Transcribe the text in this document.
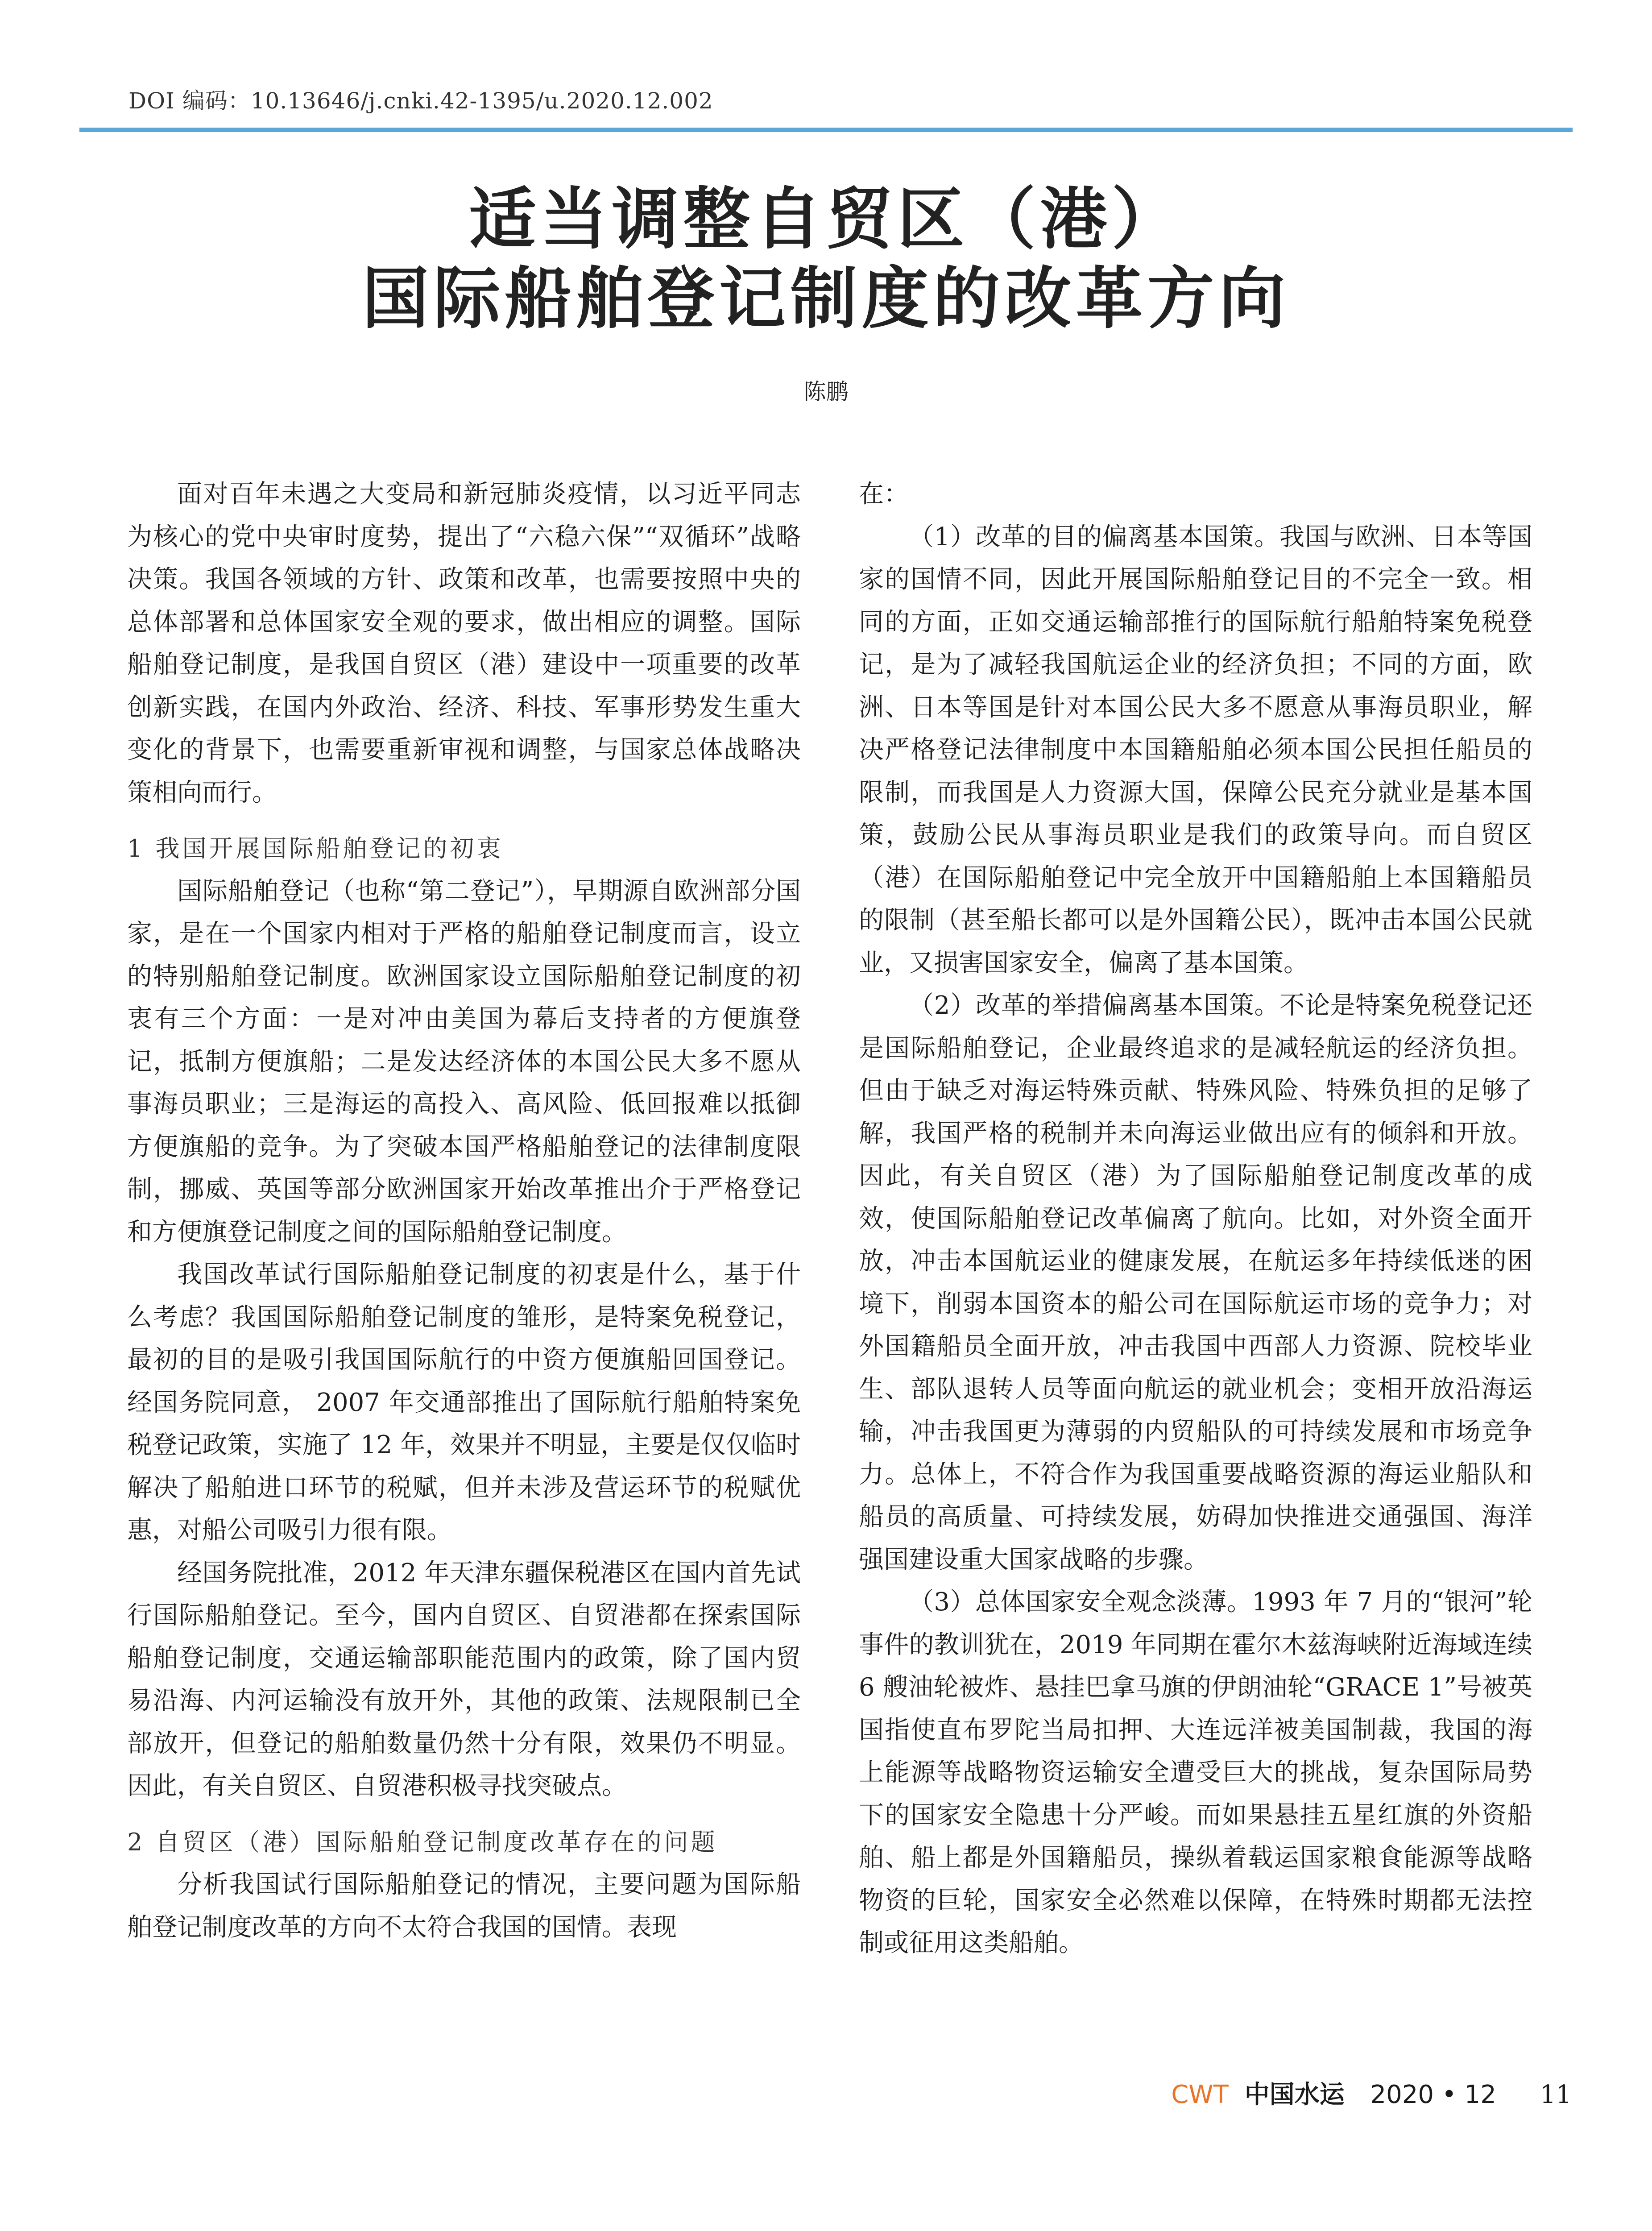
DOI 编码：10.13646/j.cnki.42-1395/u.2020.12.002
适当调整自贸区（港）
国际船舶登记制度的改革方向
陈鹏

面对百年未遇之大变局和新冠肺炎疫情，以习近平同志为核心的党中央审时度势，提出了“六稳六保”“双循环”战略决策。我国各领域的方针、政策和改革，也需要按照中央的总体部署和总体国家安全观的要求，做出相应的调整。国际船舶登记制度，是我国自贸区（港）建设中一项重要的改革创新实践，在国内外政治、经济、科技、军事形势发生重大变化的背景下，也需要重新审视和调整，与国家总体战略决策相向而行。

1 我国开展国际船舶登记的初衷

国际船舶登记（也称“第二登记”），早期源自欧洲部分国家，是在一个国家内相对于严格的船舶登记制度而言，设立的特别船舶登记制度。欧洲国家设立国际船舶登记制度的初衷有三个方面：一是对冲由美国为幕后支持者的方便旗登记，抵制方便旗船；二是发达经济体的本国公民大多不愿从事海员职业；三是海运的高投入、高风险、低回报难以抵御方便旗船的竞争。为了突破本国严格船舶登记的法律制度限制，挪威、英国等部分欧洲国家开始改革推出介于严格登记和方便旗登记制度之间的国际船舶登记制度。

我国改革试行国际船舶登记制度的初衷是什么，基于什么考虑？我国国际船舶登记制度的雏形，是特案免税登记，最初的目的是吸引我国国际航行的中资方便旗船回国登记。经国务院同意， 2007 年交通部推出了国际航行船舶特案免税登记政策，实施了 12 年，效果并不明显，主要是仅仅临时解决了船舶进口环节的税赋，但并未涉及营运环节的税赋优惠，对船公司吸引力很有限。

经国务院批准，2012 年天津东疆保税港区在国内首先试行国际船舶登记。至今，国内自贸区、自贸港都在探索国际船舶登记制度，交通运输部职能范围内的政策，除了国内贸易沿海、内河运输没有放开外，其他的政策、法规限制已全部放开，但登记的船舶数量仍然十分有限，效果仍不明显。因此，有关自贸区、自贸港积极寻找突破点。

2 自贸区（港）国际船舶登记制度改革存在的问题

分析我国试行国际船舶登记的情况，主要问题为国际船舶登记制度改革的方向不太符合我国的国情。表现

在：

（1）改革的目的偏离基本国策。我国与欧洲、日本等国家的国情不同，因此开展国际船舶登记目的不完全一致。相同的方面，正如交通运输部推行的国际航行船舶特案免税登记，是为了减轻我国航运企业的经济负担；不同的方面，欧洲、日本等国是针对本国公民大多不愿意从事海员职业，解决严格登记法律制度中本国籍船舶必须本国公民担任船员的限制，而我国是人力资源大国，保障公民充分就业是基本国策，鼓励公民从事海员职业是我们的政策导向。而自贸区（港）在国际船舶登记中完全放开中国籍船舶上本国籍船员的限制（甚至船长都可以是外国籍公民），既冲击本国公民就业，又损害国家安全，偏离了基本国策。

（2）改革的举措偏离基本国策。不论是特案免税登记还是国际船舶登记，企业最终追求的是减轻航运的经济负担。但由于缺乏对海运特殊贡献、特殊风险、特殊负担的足够了解，我国严格的税制并未向海运业做出应有的倾斜和开放。因此，有关自贸区（港）为了国际船舶登记制度改革的成效，使国际船舶登记改革偏离了航向。比如，对外资全面开放，冲击本国航运业的健康发展，在航运多年持续低迷的困境下，削弱本国资本的船公司在国际航运市场的竞争力；对外国籍船员全面开放，冲击我国中西部人力资源、院校毕业生、部队退转人员等面向航运的就业机会；变相开放沿海运输，冲击我国更为薄弱的内贸船队的可持续发展和市场竞争力。总体上，不符合作为我国重要战略资源的海运业船队和船员的高质量、可持续发展，妨碍加快推进交通强国、海洋强国建设重大国家战略的步骤。

（3）总体国家安全观念淡薄。1993 年 7 月的“银河”轮事件的教训犹在，2019 年同期在霍尔木兹海峡附近海域连续 6 艘油轮被炸、悬挂巴拿马旗的伊朗油轮“GRACE 1”号被英国指使直布罗陀当局扣押、大连远洋被美国制裁，我国的海上能源等战略物资运输安全遭受巨大的挑战，复杂国际局势下的国家安全隐患十分严峻。而如果悬挂五星红旗的外资船舶、船上都是外国籍船员，操纵着载运国家粮食能源等战略物资的巨轮，国家安全必然难以保障，在特殊时期都无法控制或征用这类船舶。

CWT 中国水运 2020 • 12 11
